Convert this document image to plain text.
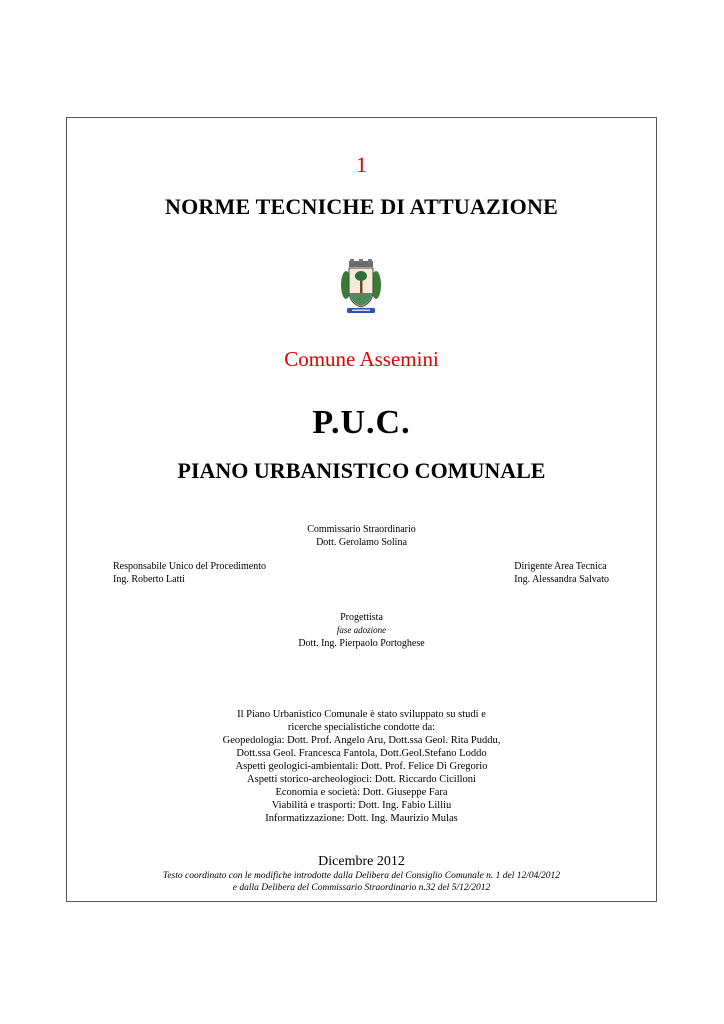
1
NORME TECNICHE DI ATTUAZIONE
Comune Assemini
P.U.C.
PIANO URBANISTICO COMUNALE
Commissario Straordinario
Dott. Gerolamo Solina
Responsabile Unico del Procedimento
Ing. Roberto Latti
Dirigente Area Tecnica
Ing. Alessandra Salvato
Progettista
fase adozione
Dott. Ing. Pierpaolo Portoghese
Il Piano Urbanistico Comunale è stato sviluppato su studi e
ricerche specialistiche condotte da:
Geopedologia: Dott. Prof. Angelo Aru, Dott.ssa Geol. Rita Puddu,
Dott.ssa Geol. Francesca Fantola, Dott.Geol.Stefano Loddo
Aspetti geologici-ambientali: Dott. Prof. Felice Di Gregorio
Aspetti storico-archeologioci: Dott. Riccardo Cicilloni
Economia e società: Dott. Giuseppe Fara
Viabilità e trasporti: Dott. Ing. Fabio Lilliu
Informatizzazione: Dott. Ing. Maurizio Mulas
Dicembre 2012
Testo coordinato con le modifiche introdotte dalla Delibera del Consiglio Comunale n. 1 del 12/04/2012
e dalla Delibera del Commissario Straordinario n.32 del 5/12/2012
